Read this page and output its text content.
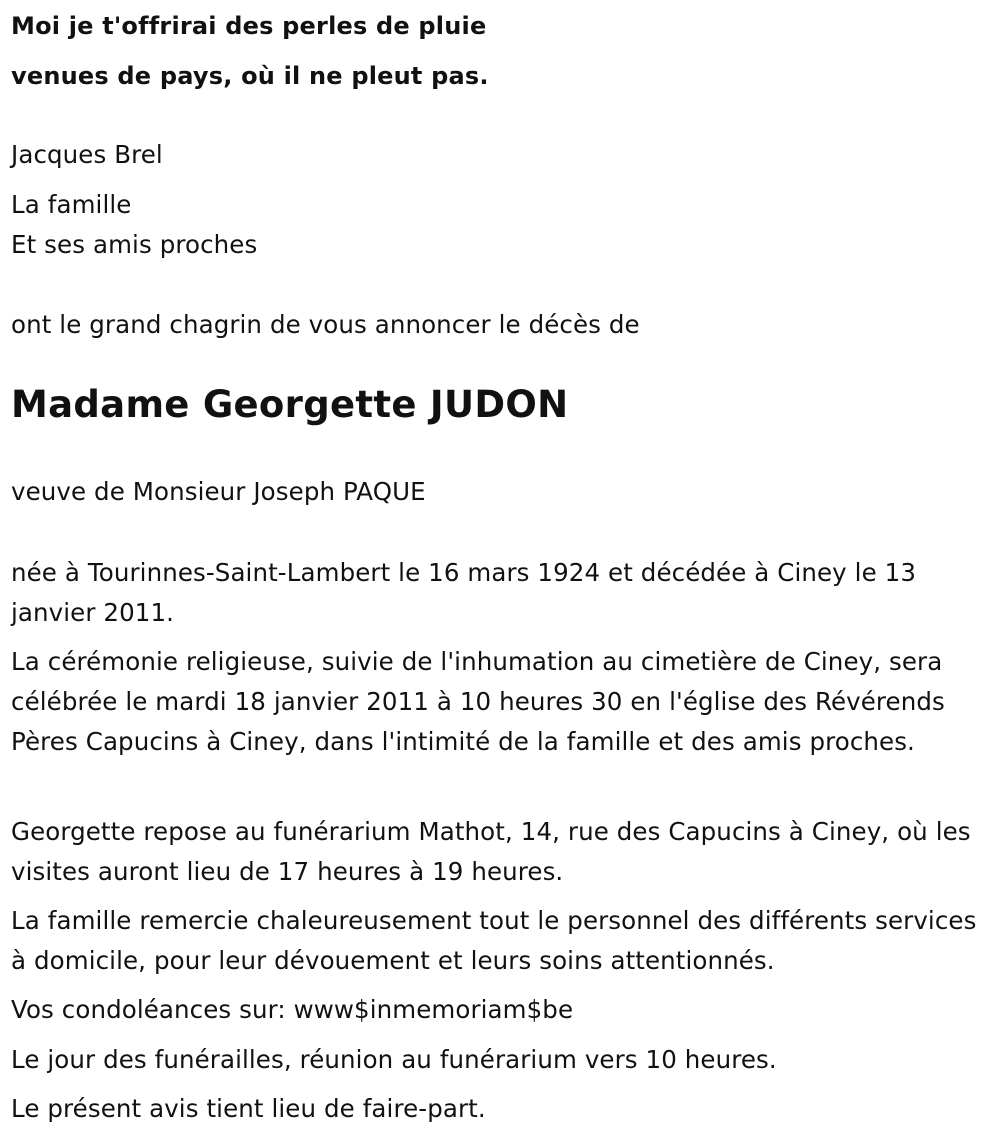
Moi je t'offrirai des perles de pluie
venues de pays, où il ne pleut pas.
Jacques Brel
La famille
Et ses amis proches
ont le grand chagrin de vous annoncer le décès de
Madame Georgette JUDON
veuve de Monsieur Joseph PAQUE
née à Tourinnes-Saint-Lambert le 16 mars 1924 et décédée à Ciney le 13 janvier 2011.
La cérémonie religieuse, suivie de l'inhumation au cimetière de Ciney, sera célébrée le mardi 18 janvier 2011 à 10 heures 30 en l'église des Révérends Pères Capucins à Ciney, dans l'intimité de la famille et des amis proches.
Georgette repose au funérarium Mathot, 14, rue des Capucins à Ciney, où les visites auront lieu de 17 heures à 19 heures.
La famille remercie chaleureusement tout le personnel des différents services à domicile, pour leur dévouement et leurs soins attentionnés.
Vos condoléances sur: www$inmemoriam$be
Le jour des funérailles, réunion au funérarium vers 10 heures.
Le présent avis tient lieu de faire-part.
